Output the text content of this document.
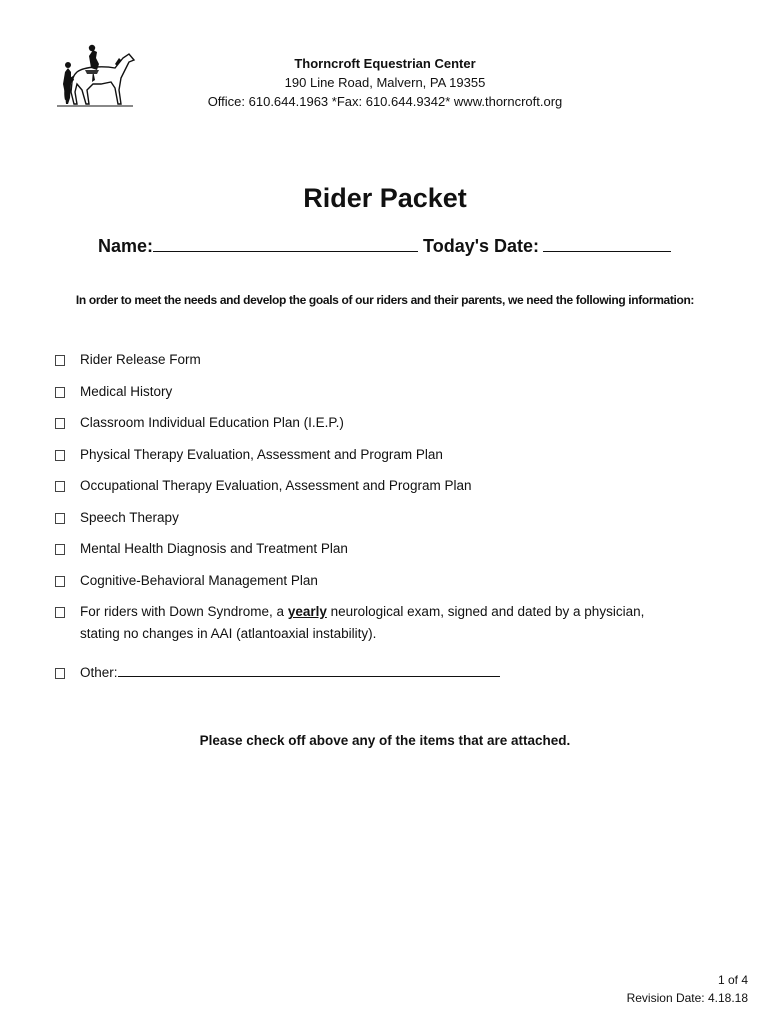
Thorncroft Equestrian Center
190 Line Road, Malvern, PA 19355
Office: 610.644.1963 *Fax: 610.644.9342* www.thorncroft.org
Rider Packet
Name:	Today's Date:
In order to meet the needs and develop the goals of our riders and their parents, we need the following information:
Rider Release Form
Medical History
Classroom Individual Education Plan (I.E.P.)
Physical Therapy Evaluation, Assessment and Program Plan
Occupational Therapy Evaluation, Assessment and Program Plan
Speech Therapy
Mental Health Diagnosis and Treatment Plan
Cognitive-Behavioral Management Plan
For riders with Down Syndrome, a yearly neurological exam, signed and dated by a physician,
stating no changes in AAI (atlantoaxial instability).
Other:
Please check off above any of the items that are attached.
1 of 4
Revision Date: 4.18.18
